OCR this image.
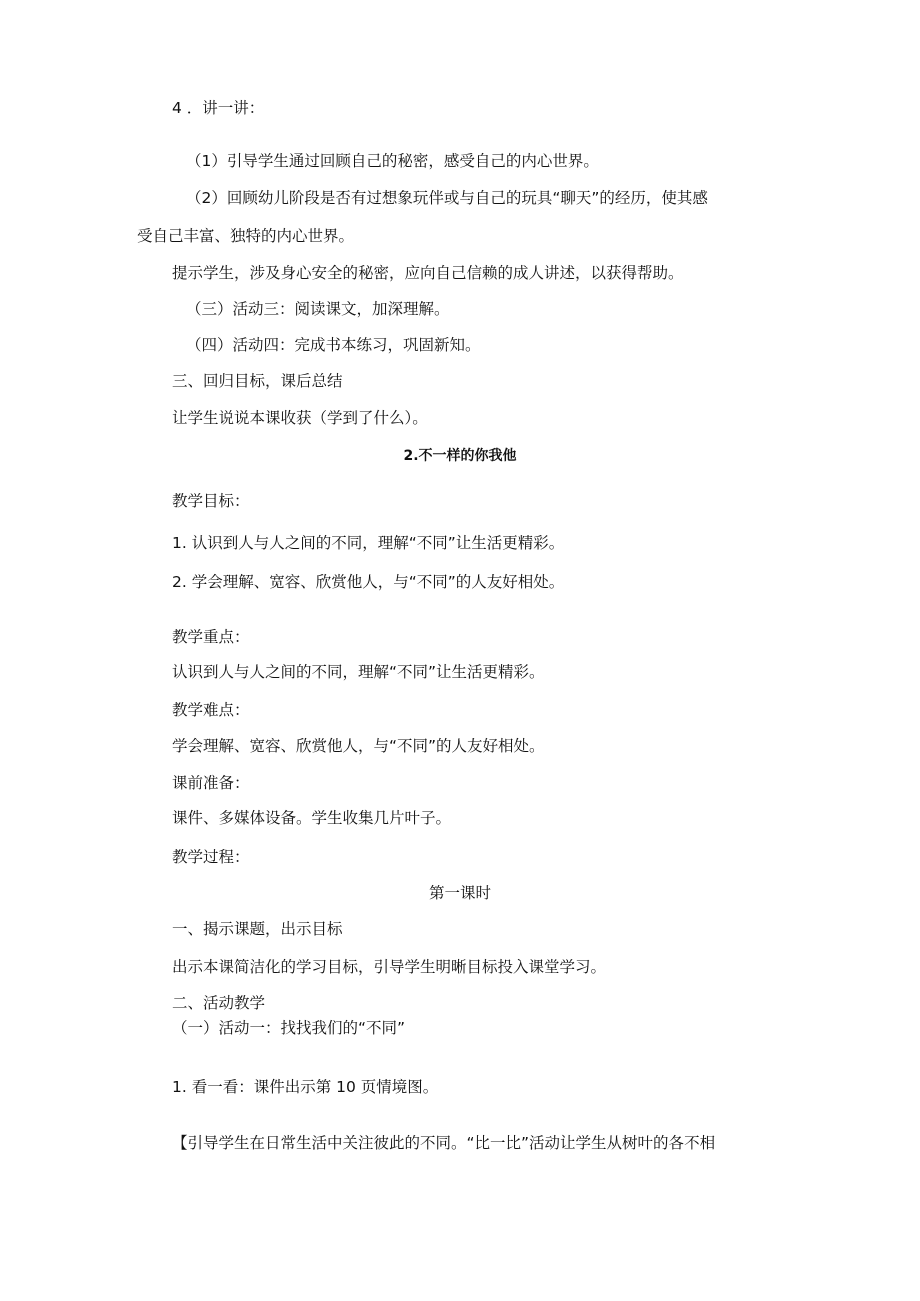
4 ．讲一讲：
（1）引导学生通过回顾自己的秘密，感受自己的内心世界。
（2）回顾幼儿阶段是否有过想象玩伴或与自己的玩具“聊天”的经历，使其感
受自己丰富、独特的内心世界。
提示学生，涉及身心安全的秘密，应向自己信赖的成人讲述，以获得帮助。
（三）活动三：阅读课文，加深理解。
（四）活动四：完成书本练习，巩固新知。
三、回归目标，课后总结
让学生说说本课收获（学到了什么）。
2.不一样的你我他
教学目标：
1. 认识到人与人之间的不同，理解“不同”让生活更精彩。
2. 学会理解、宽容、欣赏他人，与“不同”的人友好相处。
教学重点：
认识到人与人之间的不同，理解“不同”让生活更精彩。
教学难点：
学会理解、宽容、欣赏他人，与“不同”的人友好相处。
课前准备：
课件、多媒体设备。学生收集几片叶子。
教学过程：
第一课时
一、揭示课题，出示目标
出示本课简洁化的学习目标，引导学生明晰目标投入课堂学习。
二、活动教学
（一）活动一：找找我们的“不同”
1. 看一看：课件出示第 10 页情境图。
【引导学生在日常生活中关注彼此的不同。“比一比”活动让学生从树叶的各不相
